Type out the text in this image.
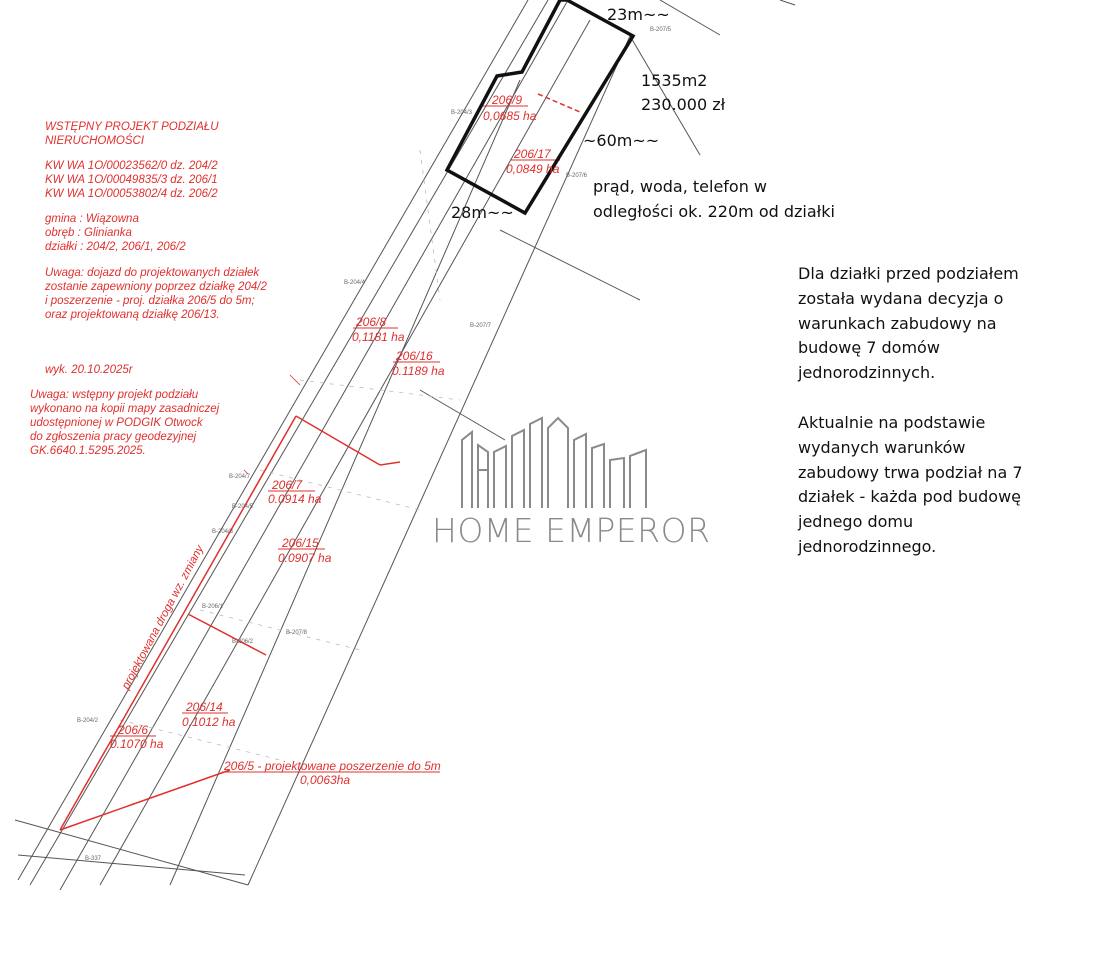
WSTĘPNY PROJEKT PODZIAŁU
NIERUCHOMOŚCI
KW WA 1O/00023562/0 dz. 204/2
KW WA 1O/00049835/3 dz. 206/1
KW WA 1O/00053802/4 dz. 206/2
gmina : Wiązowna
obręb : Glinianka
działki : 204/2, 206/1, 206/2
Uwaga: dojazd do projektowanych działek
zostanie zapewniony poprzez działkę 204/2
i poszerzenie - proj. działka 206/5 do 5m;
oraz projektowaną działkę 206/13.
wyk. 20.10.2025r
Uwaga: wstępny projekt podziału
wykonano na kopii mapy zasadniczej
udostępnionej w PODGIK Otwock
do zgłoszenia pracy geodezyjnej
GK.6640.1.5295.2025.
206/9
0,0685 ha
206/17
0,0849 ha
206/8
0,1181 ha
206/16
0.1189 ha
206/7
0.0914 ha
206/15
0.0907 ha
206/14
0.1012 ha
206/6
0.1070 ha
206/5 - projektowane poszerzenie do 5m
0,0063ha
projektowana droga wz. zmiany
B-207/5
B-207/6
B-204/3
B-204/4
B-207/7
B-204/7
B-204/5
B-204/3
B-206/1
B-206/2
B-207/8
B-204/2
B-337
23m~~
~60m~~
28m~~
1535m2
230.000 zł
prąd, woda, telefon w
odległości ok. 220m od działki
HOME EMPEROR
Dla działki przed podziałem
została wydana decyzja o
warunkach zabudowy na
budowę 7 domów
jednorodzinnych.
Aktualnie na podstawie
wydanych warunków
zabudowy trwa podział na 7
działek - każda pod budowę
jednego domu
jednorodzinnego.
